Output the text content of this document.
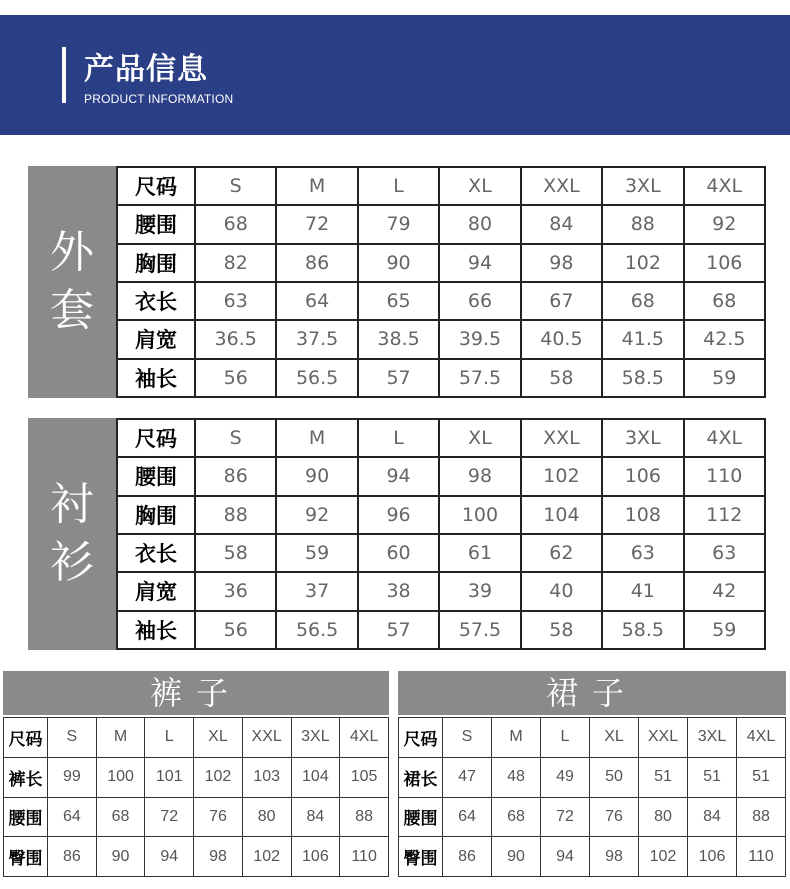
产品信息
PRODUCT INFORMATION
外
套
尺码	S	M	L	XL	XXL	3XL	4XL
腰围	68	72	79	80	84	88	92
胸围	82	86	90	94	98	102	106
衣长	63	64	65	66	67	68	68
肩宽	36.5	37.5	38.5	39.5	40.5	41.5	42.5
袖长	56	56.5	57	57.5	58	58.5	59
衬
衫
尺码	S	M	L	XL	XXL	3XL	4XL
腰围	86	90	94	98	102	106	110
胸围	88	92	96	100	104	108	112
衣长	58	59	60	61	62	63	63
肩宽	36	37	38	39	40	41	42
袖长	56	56.5	57	57.5	58	58.5	59
裤子
尺码	S	M	L	XL	XXL	3XL	4XL
裤长	99	100	101	102	103	104	105
腰围	64	68	72	76	80	84	88
臀围	86	90	94	98	102	106	110
裙子
尺码	S	M	L	XL	XXL	3XL	4XL
裙长	47	48	49	50	51	51	51
腰围	64	68	72	76	80	84	88
臀围	86	90	94	98	102	106	110
